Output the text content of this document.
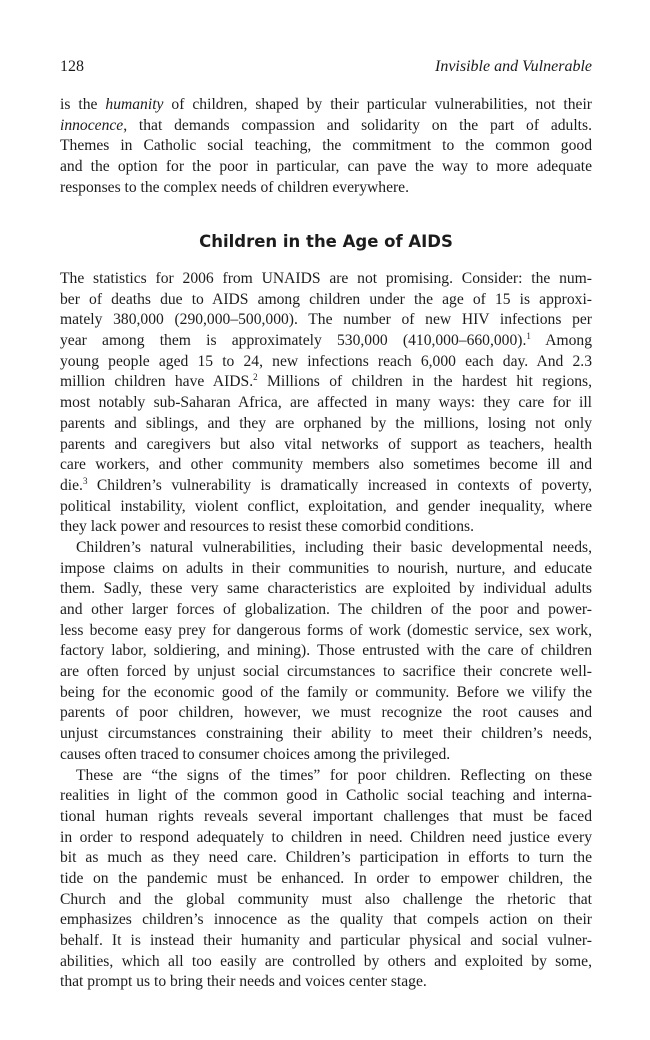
128	Invisible and Vulnerable
is the humanity of children, shaped by their particular vulnerabilities, not their
innocence, that demands compassion and solidarity on the part of adults.
Themes in Catholic social teaching, the commitment to the common good
and the option for the poor in particular, can pave the way to more adequate
responses to the complex needs of children everywhere.
Children in the Age of AIDS
The statistics for 2006 from UNAIDS are not promising. Consider: the num-
ber of deaths due to AIDS among children under the age of 15 is approxi-
mately 380,000 (290,000–500,000). The number of new HIV infections per
year among them is approximately 530,000 (410,000–660,000).$^1$ Among
young people aged 15 to 24, new infections reach 6,000 each day. And 2.3
million children have AIDS.$^2$ Millions of children in the hardest hit regions,
most notably sub-Saharan Africa, are affected in many ways: they care for ill
parents and siblings, and they are orphaned by the millions, losing not only
parents and caregivers but also vital networks of support as teachers, health
care workers, and other community members also sometimes become ill and
die.$^3$ Children’s vulnerability is dramatically increased in contexts of poverty,
political instability, violent conflict, exploitation, and gender inequality, where
they lack power and resources to resist these comorbid conditions.
Children’s natural vulnerabilities, including their basic developmental needs,
impose claims on adults in their communities to nourish, nurture, and educate
them. Sadly, these very same characteristics are exploited by individual adults
and other larger forces of globalization. The children of the poor and power-
less become easy prey for dangerous forms of work (domestic service, sex work,
factory labor, soldiering, and mining). Those entrusted with the care of children
are often forced by unjust social circumstances to sacrifice their concrete well-
being for the economic good of the family or community. Before we vilify the
parents of poor children, however, we must recognize the root causes and
unjust circumstances constraining their ability to meet their children’s needs,
causes often traced to consumer choices among the privileged.
These are “the signs of the times” for poor children. Reflecting on these
realities in light of the common good in Catholic social teaching and interna-
tional human rights reveals several important challenges that must be faced
in order to respond adequately to children in need. Children need justice every
bit as much as they need care. Children’s participation in efforts to turn the
tide on the pandemic must be enhanced. In order to empower children, the
Church and the global community must also challenge the rhetoric that
emphasizes children’s innocence as the quality that compels action on their
behalf. It is instead their humanity and particular physical and social vulner-
abilities, which all too easily are controlled by others and exploited by some,
that prompt us to bring their needs and voices center stage.
